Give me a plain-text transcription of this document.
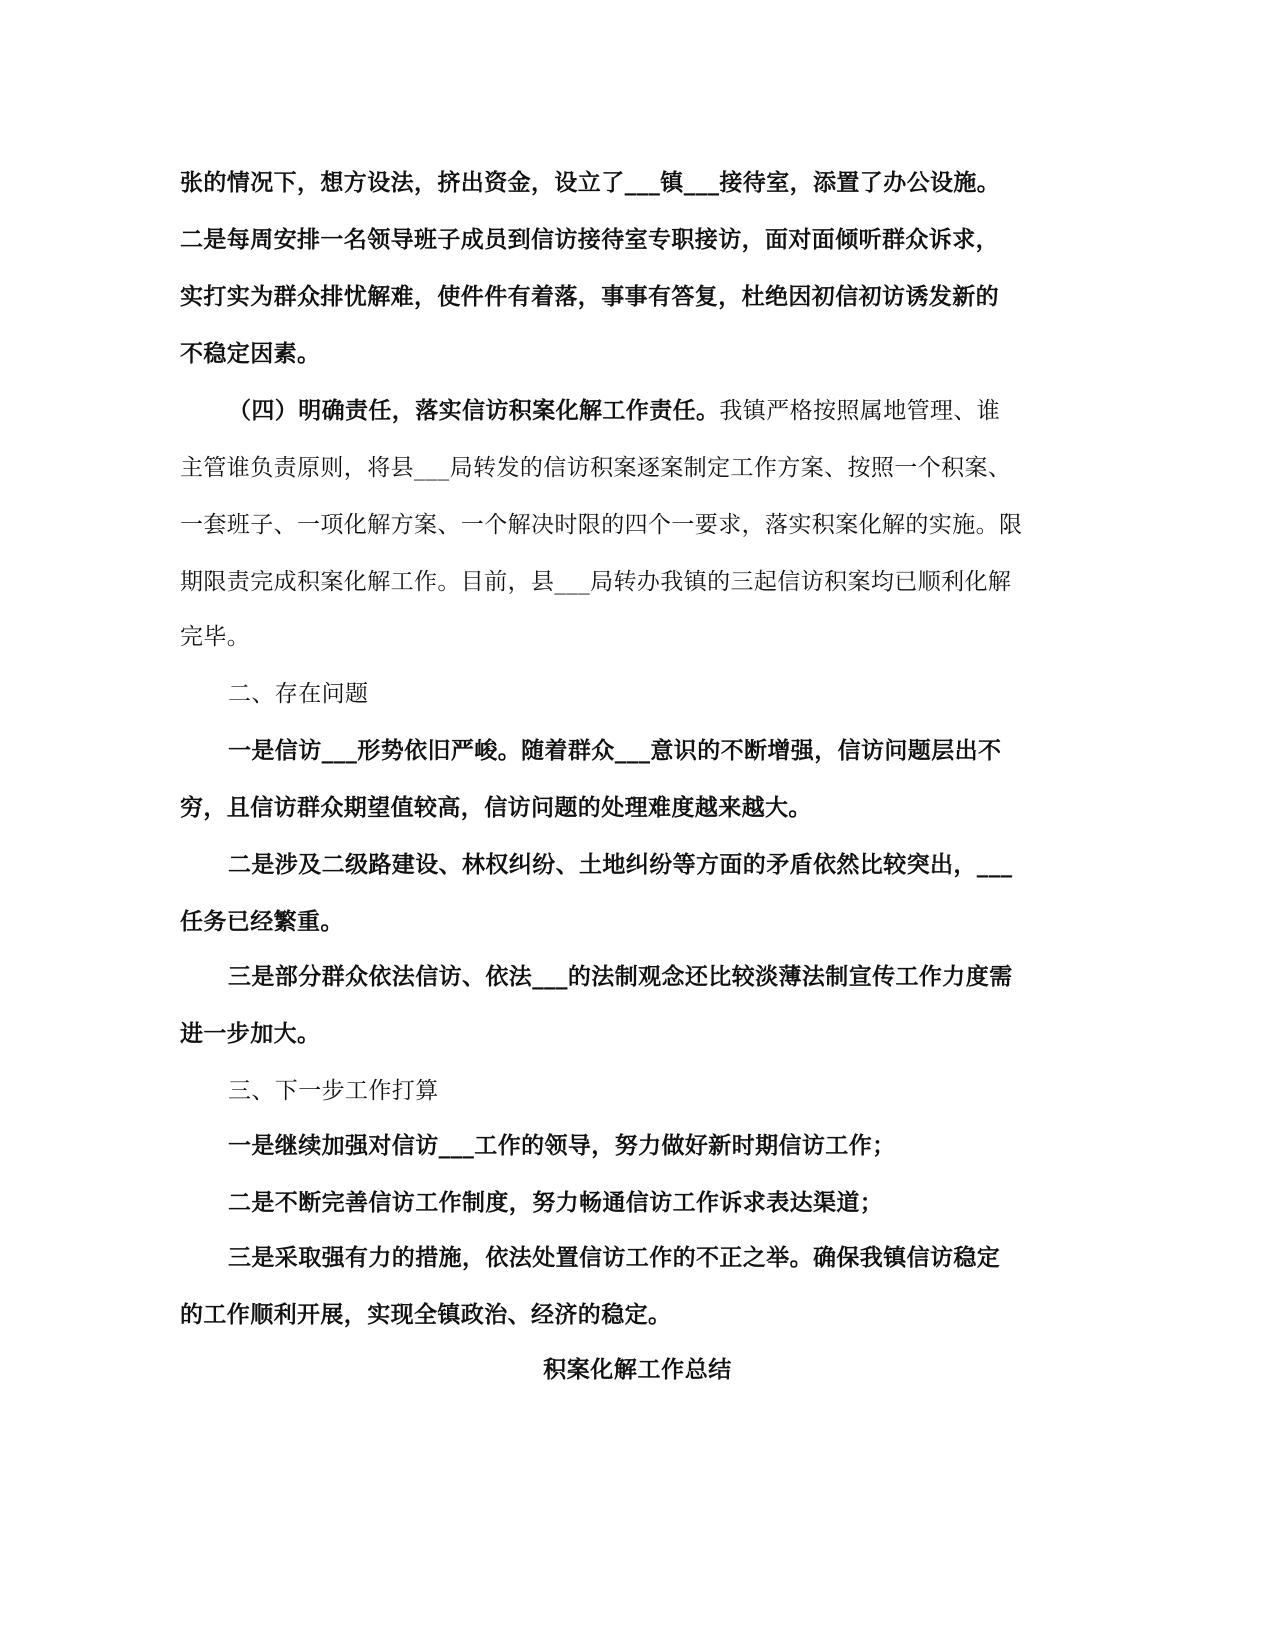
张的情况下，想方设法，挤出资金，设立了___镇___接待室，添置了办公设施。
二是每周安排一名领导班子成员到信访接待室专职接访，面对面倾听群众诉求，
实打实为群众排忧解难，使件件有着落，事事有答复，杜绝因初信初访诱发新的
不稳定因素。
（四）明确责任，落实信访积案化解工作责任。我镇严格按照属地管理、谁
主管谁负责原则，将县___局转发的信访积案逐案制定工作方案、按照一个积案、
一套班子、一项化解方案、一个解决时限的四个一要求，落实积案化解的实施。限
期限责完成积案化解工作。目前，县___局转办我镇的三起信访积案均已顺利化解
完毕。
二、存在问题
一是信访___形势依旧严峻。随着群众___意识的不断增强，信访问题层出不
穷，且信访群众期望值较高，信访问题的处理难度越来越大。
二是涉及二级路建设、林权纠纷、土地纠纷等方面的矛盾依然比较突出，___
任务已经繁重。
三是部分群众依法信访、依法___的法制观念还比较淡薄法制宣传工作力度需
进一步加大。
三、下一步工作打算
一是继续加强对信访___工作的领导，努力做好新时期信访工作；
二是不断完善信访工作制度，努力畅通信访工作诉求表达渠道；
三是采取强有力的措施，依法处置信访工作的不正之举。确保我镇信访稳定
的工作顺利开展，实现全镇政治、经济的稳定。
积案化解工作总结
